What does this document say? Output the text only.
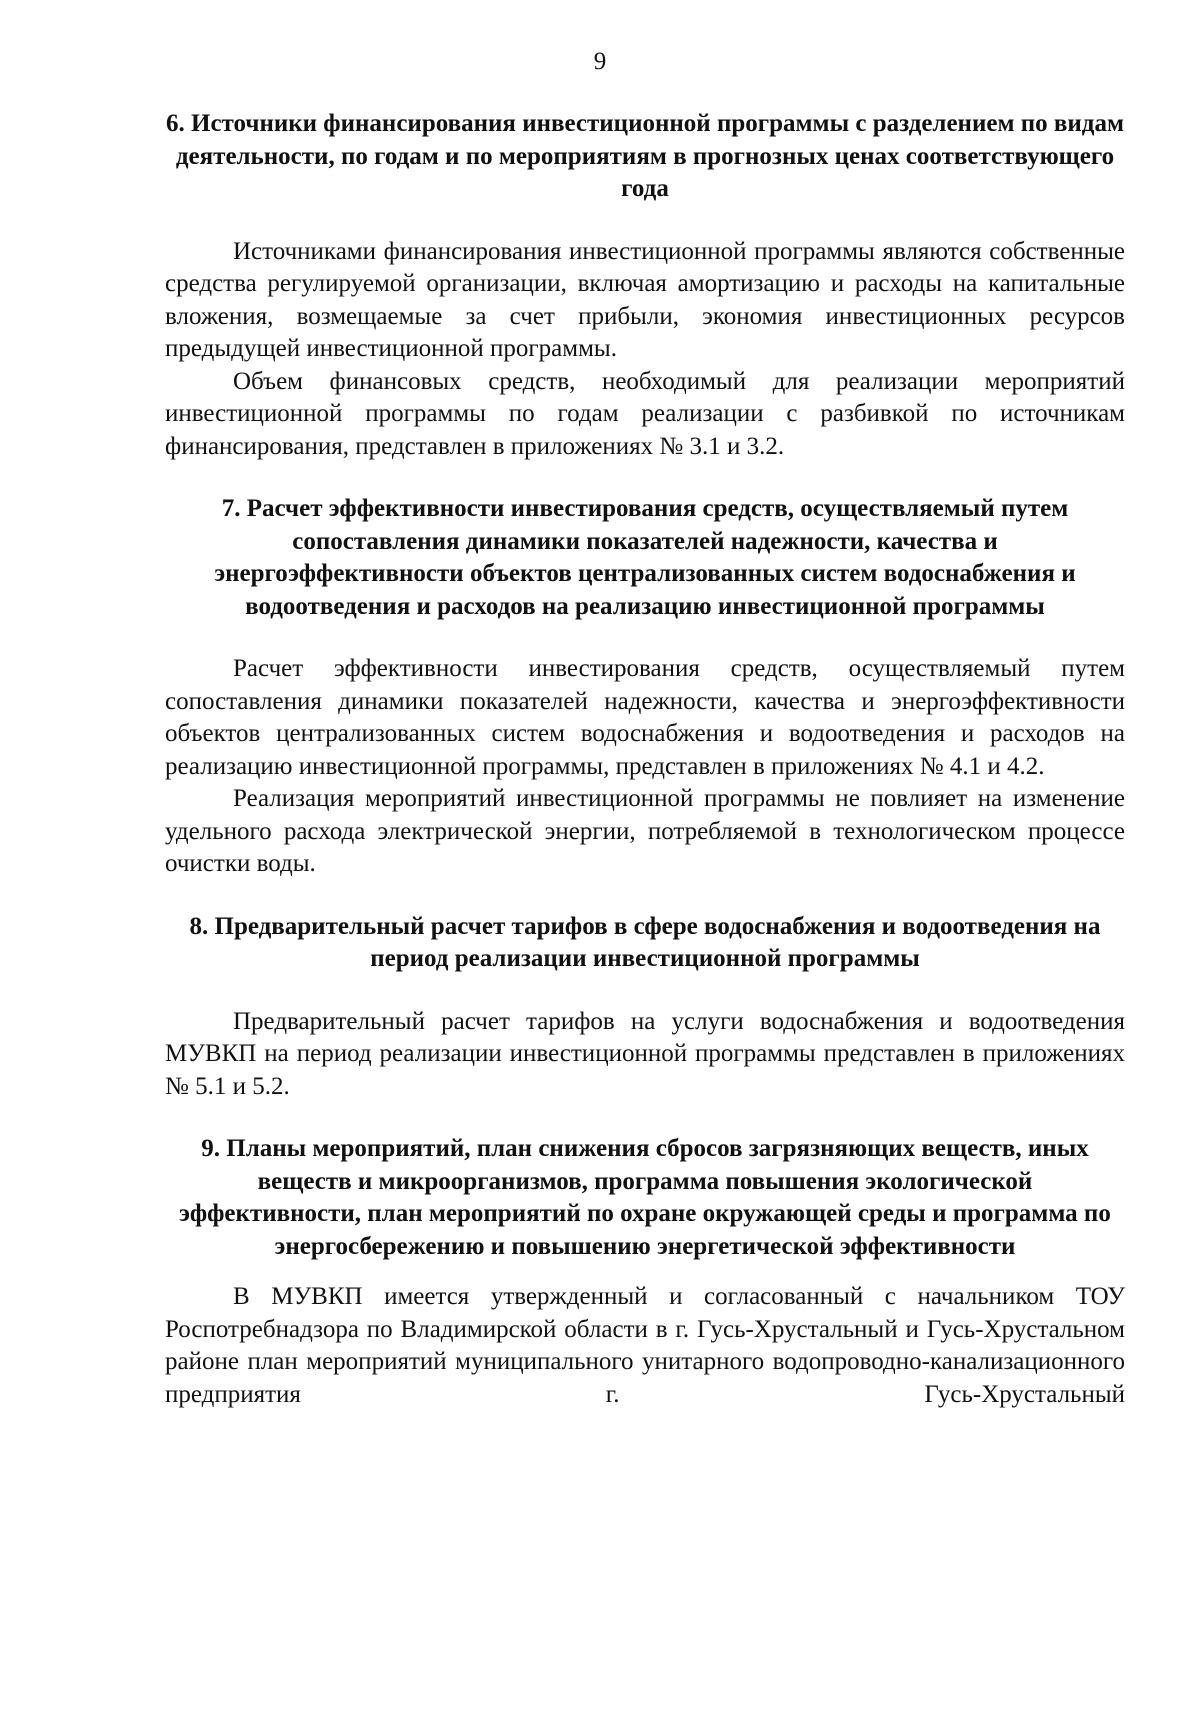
9

6. Источники финансирования инвестиционной программы с разделением по видам деятельности, по годам и по мероприятиям в прогнозных ценах соответствующего года

Источниками финансирования инвестиционной программы являются собственные средства регулируемой организации, включая амортизацию и расходы на капитальные вложения, возмещаемые за счет прибыли, экономия инвестиционных ресурсов предыдущей инвестиционной программы.

Объем финансовых средств, необходимый для реализации мероприятий инвестиционной программы по годам реализации с разбивкой по источникам финансирования, представлен в приложениях № 3.1 и 3.2.

7. Расчет эффективности инвестирования средств, осуществляемый путем сопоставления динамики показателей надежности, качества и энергоэффективности объектов централизованных систем водоснабжения и водоотведения и расходов на реализацию инвестиционной программы

Расчет эффективности инвестирования средств, осуществляемый путем сопоставления динамики показателей надежности, качества и энергоэффективности объектов централизованных систем водоснабжения и водоотведения и расходов на реализацию инвестиционной программы, представлен в приложениях № 4.1 и 4.2.

Реализация мероприятий инвестиционной программы не повлияет на изменение удельного расхода электрической энергии, потребляемой в технологическом процессе очистки воды.

8. Предварительный расчет тарифов в сфере водоснабжения и водоотведения на период реализации инвестиционной программы

Предварительный расчет тарифов на услуги водоснабжения и водоотведения МУВКП на период реализации инвестиционной программы представлен в приложениях № 5.1 и 5.2.

9. Планы мероприятий, план снижения сбросов загрязняющих веществ, иных веществ и микроорганизмов, программа повышения экологической эффективности, план мероприятий по охране окружающей среды и программа по энергосбережению и повышению энергетической эффективности

В МУВКП имеется утвержденный и согласованный с начальником ТОУ Роспотребнадзора по Владимирской области в г. Гусь-Хрустальный и Гусь-Хрустальном районе план мероприятий муниципального унитарного водопроводно-канализационного предприятия г. Гусь-Хрустальный
